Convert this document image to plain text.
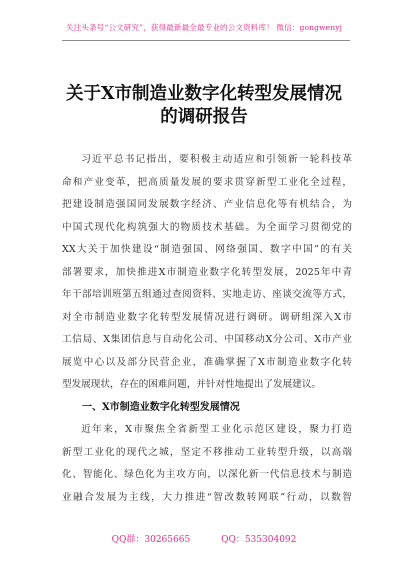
关注头条号“公文研究”，获得最新最全最专业的公文资料库！ 微信：gongwenyj
关于X市制造业数字化转型发展情况
的调研报告
习近平总书记指出，要积极主动适应和引领新一轮科技革
命和产业变革，把高质量发展的要求贯穿新型工业化全过程，
把建设制造强国同发展数字经济、产业信息化等有机结合，为
中国式现代化构筑强大的物质技术基础。为全面学习贯彻党的
XX大关于加快建设“制造强国、网络强国、数字中国”的有关
部署要求，加快推进X市制造业数字化转型发展，2025年中青
年干部培训班第五组通过查阅资料、实地走访、座谈交流等方式，
对全市制造业数字化转型发展情况进行调研。调研组深入X市
工信局、X集团信息与自动化公司、中国移动X分公司、X市产业
展览中心以及部分民营企业，准确掌握了X市制造业数字化转
型发展现状，存在的困难问题，并针对性地提出了发展建议。
一、X市制造业数字化转型发展情况
近年来，X市聚焦全省新型工业化示范区建设，聚力打造
新型工业化的现代之城，坚定不移推动工业转型升级，以高端
化、智能化、绿色化为主攻方向，以深化新一代信息技术与制造
业融合发展为主线，大力推进“智改数转网联”行动，以数智
QQ群：30265665	QQ：535304092
